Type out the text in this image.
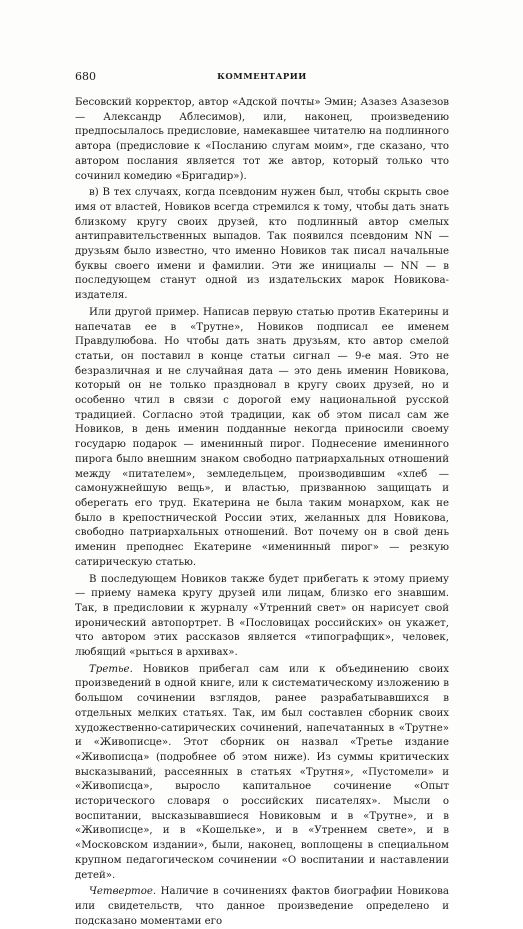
680	КОММЕНТАРИИ

Бесовский корректор, автор «Адской почты» Эмин; Азазез Азазезов — Александр Аблесимов), или, наконец, произведению предпосылалось предисловие, намекавшее читателю на подлинного автора (предисловие к «Посланию слугам моим», где сказано, что автором послания является тот же автор, который только что сочинил комедию «Бригадир»).

в) В тех случаях, когда псевдоним нужен был, чтобы скрыть свое имя от властей, Новиков всегда стремился к тому, чтобы дать знать близкому кругу своих друзей, кто подлинный автор смелых антиправительственных выпадов. Так появился псевдоним NN — друзьям было известно, что именно Новиков так писал начальные буквы своего имени и фамилии. Эти же инициалы — NN — в последующем станут одной из издательских марок Новикова-издателя.

Или другой пример. Написав первую статью против Екатерины и напечатав ее в «Трутне», Новиков подписал ее именем Правдулюбова. Но чтобы дать знать друзьям, кто автор смелой статьи, он поставил в конце статьи сигнал — 9-е мая. Это не безразличная и не случайная дата — это день именин Новикова, который он не только праздновал в кругу своих друзей, но и особенно чтил в связи с дорогой ему национальной русской традицией. Согласно этой традиции, как об этом писал сам же Новиков, в день именин подданные некогда приносили своему государю подарок — именинный пирог. Поднесение именинного пирога было внешним знаком свободно патриархальных отношений между «питателем», земледельцем, производившим «хлеб — самонужнейшую вещь», и властью, призванною защищать и оберегать его труд. Екатерина не была таким монархом, как не было в крепостнической России этих, желанных для Новикова, свободно патриархальных отношений. Вот почему он в свой день именин преподнес Екатерине «именинный пирог» — резкую сатирическую статью.

В последующем Новиков также будет прибегать к этому приему — приему намека кругу друзей или лицам, близко его знавшим. Так, в предисловии к журналу «Утренний свет» он нарисует свой иронический автопортрет. В «Пословицах российских» он укажет, что автором этих рассказов является «типографщик», человек, любящий «рыться в архивах».

Третье. Новиков прибегал сам или к объединению своих произведений в одной книге, или к систематическому изложению в большом сочинении взглядов, ранее разрабатывавшихся в отдельных мелких статьях. Так, им был составлен сборник своих художественно-сатирических сочинений, напечатанных в «Трутне» и «Живописце». Этот сборник он назвал «Третье издание «Живописца» (подробнее об этом ниже). Из суммы критических высказываний, рассеянных в статьях «Трутня», «Пустомели» и «Живописца», выросло капитальное сочинение «Опыт исторического словаря о российских писателях». Мысли о воспитании, высказывавшиеся Новиковым и в «Трутне», и в «Живописце», и в «Кошельке», и в «Утреннем свете», и в «Московском издании», были, наконец, воплощены в специальном крупном педагогическом сочинении «О воспитании и наставлении детей».

Четвертое. Наличие в сочинениях фактов биографии Новикова или свидетельств, что данное произведение определено и подсказано моментами его
